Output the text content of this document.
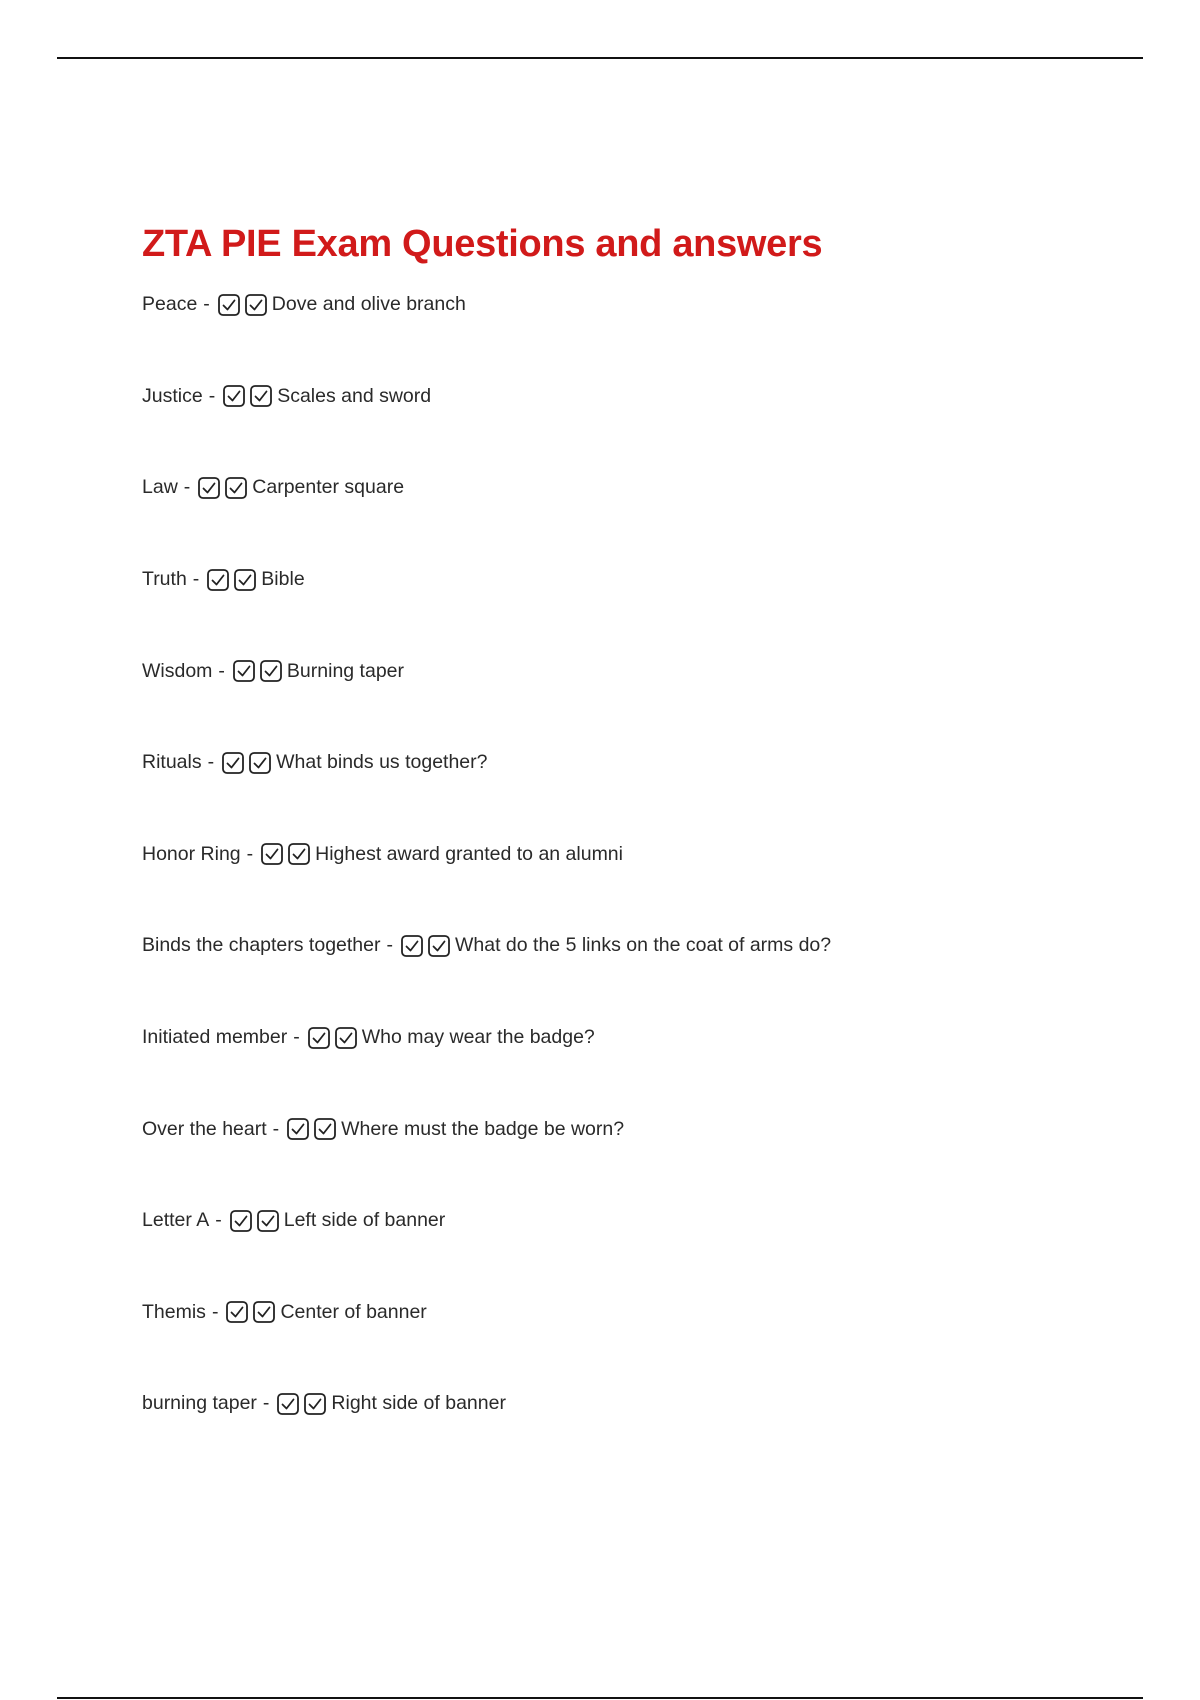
ZTA PIE Exam Questions and answers
Peace -	Dove and olive branch
Justice -	Scales and sword
Law -	Carpenter square
Truth -	Bible
Wisdom -	Burning taper
Rituals -	What binds us together?
Honor Ring -	Highest award granted to an alumni
Binds the chapters together -	What do the 5 links on the coat of arms do?
Initiated member -	Who may wear the badge?
Over the heart -	Where must the badge be worn?
Letter A -	Left side of banner
Themis -	Center of banner
burning taper -	Right side of banner
